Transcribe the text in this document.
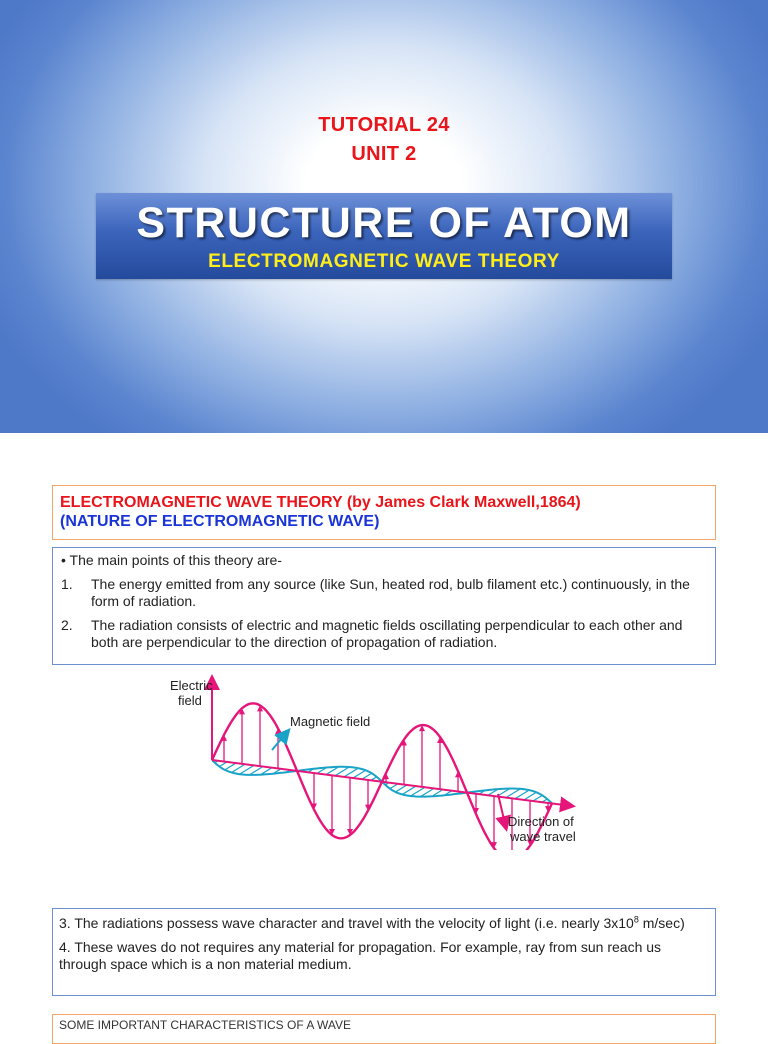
TUTORIAL 24
UNIT 2
STRUCTURE OF ATOM
ELECTROMAGNETIC WAVE THEORY
ELECTROMAGNETIC WAVE THEORY (by James Clark Maxwell,1864)
(NATURE OF ELECTROMAGNETIC WAVE)
• The main points of this theory are-
1.	The energy emitted from any source (like Sun, heated rod, bulb filament etc.) continuously, in the form of radiation.
2.	The radiation consists of electric and magnetic fields oscillating perpendicular to each other and both are perpendicular to the direction of propagation of radiation.
Electric
field
Magnetic field
Direction of
wave travel

3. The radiations possess wave character and travel with the velocity of light (i.e. nearly $3x10^8$ m/sec)

4. These waves do not requires any material for propagation. For example, ray from sun reach us through space which is a non material medium.

SOME IMPORTANT CHARACTERISTICS OF A WAVE
